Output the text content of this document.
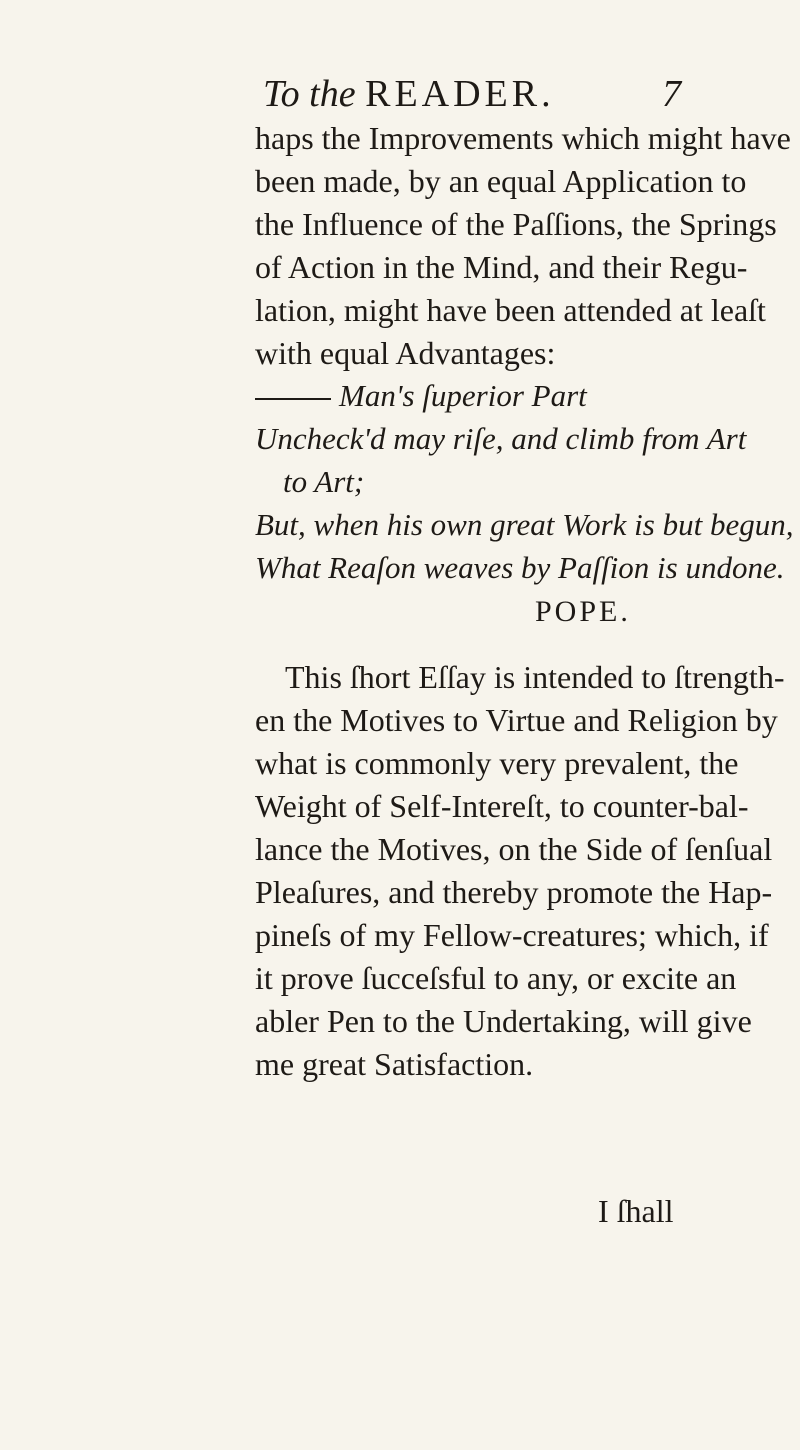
To the READER.	7
haps the Improvements which might have
been made, by an equal Application to
the Influence of the Paſſions, the Springs
of Action in the Mind, and their Regu-
lation, might have been attended at leaſt
with equal Advantages:
Man's ſuperior Part
Uncheck'd may riſe, and climb from Art
to Art;
But, when his own great Work is but begun,
What Reaſon weaves by Paſſion is undone.
POPE.
This ſhort Eſſay is intended to ſtrength-
en the Motives to Virtue and Religion by
what is commonly very prevalent, the
Weight of Self-Intereſt, to counter-bal-
lance the Motives, on the Side of ſenſual
Pleaſures, and thereby promote the Hap-
pineſs of my Fellow-creatures; which, if
it prove ſucceſsful to any, or excite an
abler Pen to the Undertaking, will give
me great Satisfaction.
I ſhall
